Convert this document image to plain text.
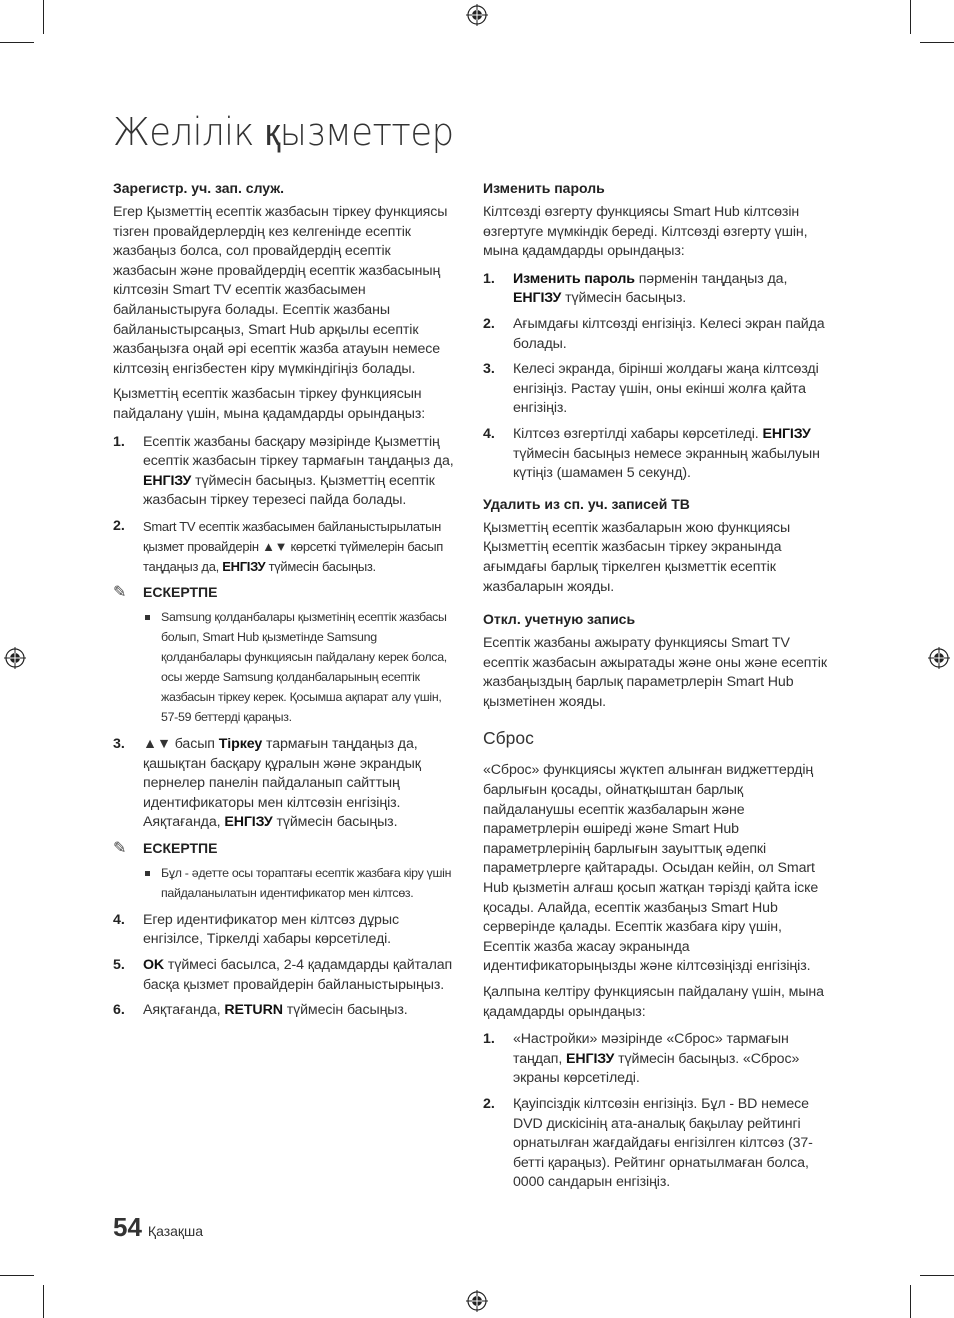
Желілік қызметтер
Зарегистр. уч. зап. служ.

Егер Қызметтің есептік жазбасын тіркеу функциясы тізген провайдерлердің кез келгенінде есептік жазбаңыз болса, сол провайдердің есептік жазбасын және провайдердің есептік жазбасының кілтсөзін Smart TV есептік жазбасымен байланыстыруға болады. Есептік жазбаны байланыстырсаңыз, Smart Hub арқылы есептік жазбаңызға оңай әрі есептік жазба атауын немесе кілтсөзің енгізбестен кіру мүмкіндігіңіз болады.

Қызметтің есептік жазбасын тіркеу функциясын пайдалану үшін, мына қадамдарды орындаңыз:

1. Есептік жазбаны басқару мәзірінде Қызметтің есептік жазбасын тіркеу тармағын таңдаңыз да, ЕНГІЗУ түймесін басыңыз. Қызметтің есептік жазбасын тіркеу терезесі пайда болады.
2. Smart TV есептік жазбасымен байланыстырылатын қызмет провайдерін ▲▼ көрсеткі түймелерін басып таңдаңыз да, ЕНГІЗУ түймесін басыңыз.
✎ ЕСКЕРТПЕ
Samsung қолданбалары қызметінің есептік жазбасы болып, Smart Hub қызметінде Samsung қолданбалары функциясын пайдалану керек болса, осы жерде Samsung қолданбаларының есептік жазбасын тіркеу керек. Қосымша ақпарат алу үшін, 57-59 беттерді қараңыз.
3. ▲▼ басып Тіркеу тармағын таңдаңыз да, қашықтан басқару құралын және экрандық пернелер панелін пайдаланып сайттың идентификаторы мен кілтсөзін енгізіңіз. Аяқтағанда, ЕНГІЗУ түймесін басыңыз.
✎ ЕСКЕРТПЕ
Бұл - әдетте осы торaптағы есептік жазбаға кіру үшін пайдаланылатын идентификатор мен кілтсөз.
4. Егер идентификатор мен кілтсөз дұрыс енгізілсе, Тіркелді хабары көрсетіледі.
5. OK түймесі басылса, 2-4 қадамдарды қайталап басқа қызмет провайдерін байланыстырыңыз.
6. Аяқтағанда, RETURN түймесін басыңыз.
Изменить пароль

Кілтсөзді өзгерту функциясы Smart Hub кілтсөзін өзгертуге мүмкіндік береді. Кілтсөзді өзгерту үшін, мына қадамдарды орындаңыз:

1. Изменить пароль пәрменін таңдаңыз да, ЕНГІЗУ түймесін басыңыз.
2. Ағымдағы кілтсөзді енгізіңіз. Келесі экран пайда болады.
3. Келесі экранда, бірінші жолдағы жаңа кілтсөзді енгізіңіз. Растау үшін, оны екінші жолға қайта енгізіңіз.
4. Кілтсөз өзгертілді хабары көрсетіледі. ЕНГІЗУ түймесін басыңыз немесе экранның жабылуын күтіңіз (шамамен 5 секунд).
Удалить из сп. уч. записей ТВ

Қызметтің есептік жазбаларын жою функциясы Қызметтің есептік жазбасын тіркеу экранында ағымдағы барлық тіркелген қызметтік есептік жазбаларын жояды.

Откл. учетную запись

Есептік жазбаны ажырату функциясы Smart TV есептік жазбасын ажыратады және оны және есептік жазбаңыздың барлық параметрлерін Smart Hub қызметінен жояды.

Сброс

«Сброс» функциясы жүктеп алынған виджеттердің барлығын қосады, ойнатқыштан барлық пайдаланушы есептік жазбаларын және параметрлерін өшіреді және Smart Hub параметрлерінің барлығын зауыттық әдепкі параметрлерге қайтарады. Осыдан кейін, ол Smart Hub қызметін алғаш қосып жатқан тәрізді қайта іске қосады. Алайда, есептік жазбаңыз Smart Hub серверінде қалады. Есептік жазбаға кіру үшін, Есептік жазба жасау экранында идентификаторыңызды және кілтсөзіңізді енгізіңіз.

Қалпына келтіру функциясын пайдалану үшін, мына қадамдарды орындаңыз:

1. «Настройки» мәзірінде «Сброс» тармағын таңдап, ЕНГІЗУ түймесін басыңыз. «Сброс» экраны көрсетіледі.
2. Қауіпсіздік кілтсөзін енгізіңіз. Бұл - BD немесе DVD дискісінің ата-аналық бақылау рейтингі орнатылған жағдайдағы енгізілген кілтсөз (37-бетті қараңыз). Рейтинг орнатылмаған болса, 0000 сандарын енгізіңіз.
54 Қазақша
